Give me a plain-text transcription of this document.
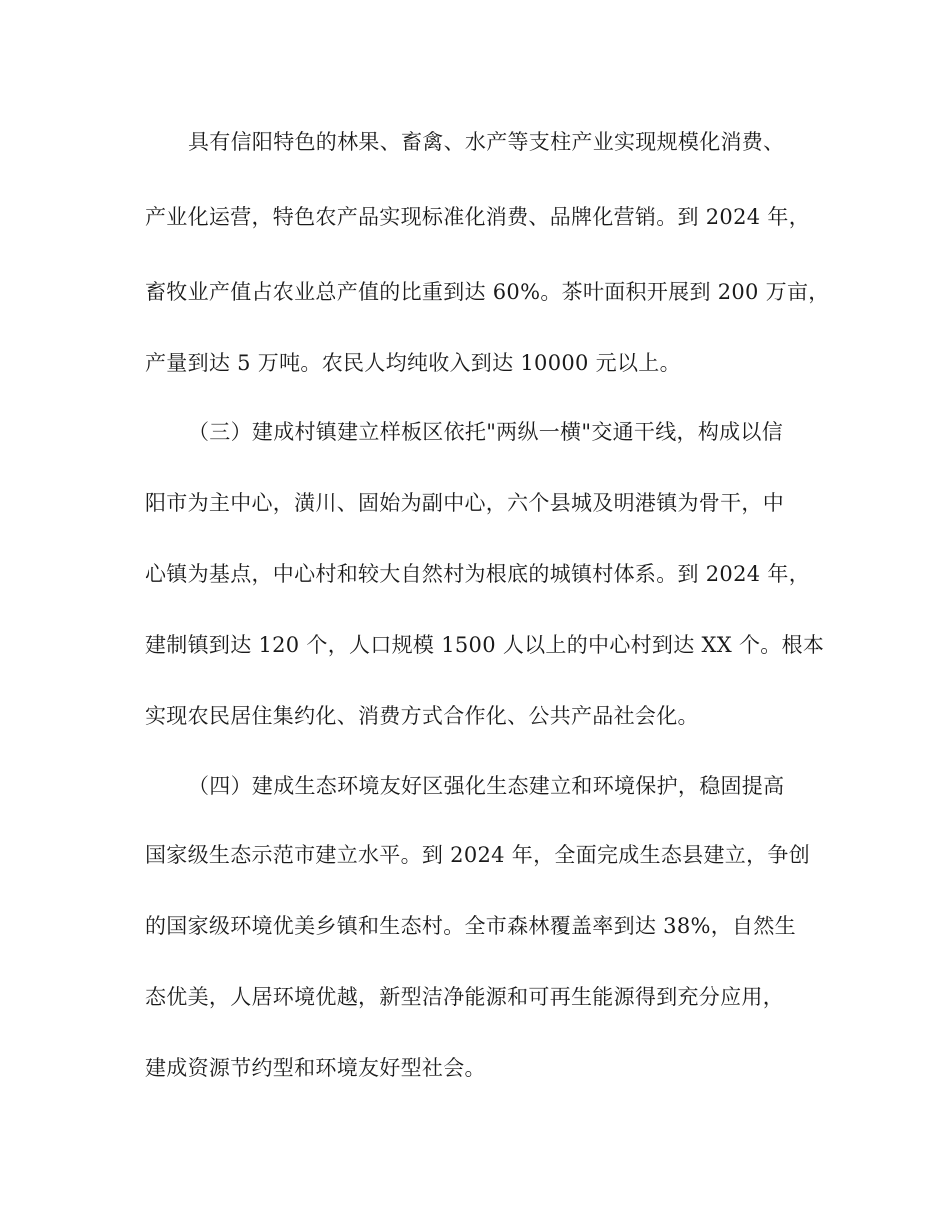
具有信阳特色的林果、畜禽、水产等支柱产业实现规模化消费、
产业化运营，特色农产品实现标准化消费、品牌化营销。到 2024 年，
畜牧业产值占农业总产值的比重到达 60%。茶叶面积开展到 200 万亩，
产量到达 5 万吨。农民人均纯收入到达 10000 元以上。
（三）建成村镇建立样板区依托"两纵一横"交通干线，构成以信
阳市为主中心，潢川、固始为副中心，六个县城及明港镇为骨干，中
心镇为基点，中心村和较大自然村为根底的城镇村体系。到 2024 年，
建制镇到达 120 个，人口规模 1500 人以上的中心村到达 XX 个。根本
实现农民居住集约化、消费方式合作化、公共产品社会化。
（四）建成生态环境友好区强化生态建立和环境保护，稳固提高
国家级生态示范市建立水平。到 2024 年，全面完成生态县建立，争创
的国家级环境优美乡镇和生态村。全市森林覆盖率到达 38%，自然生
态优美，人居环境优越，新型洁净能源和可再生能源得到充分应用，
建成资源节约型和环境友好型社会。
